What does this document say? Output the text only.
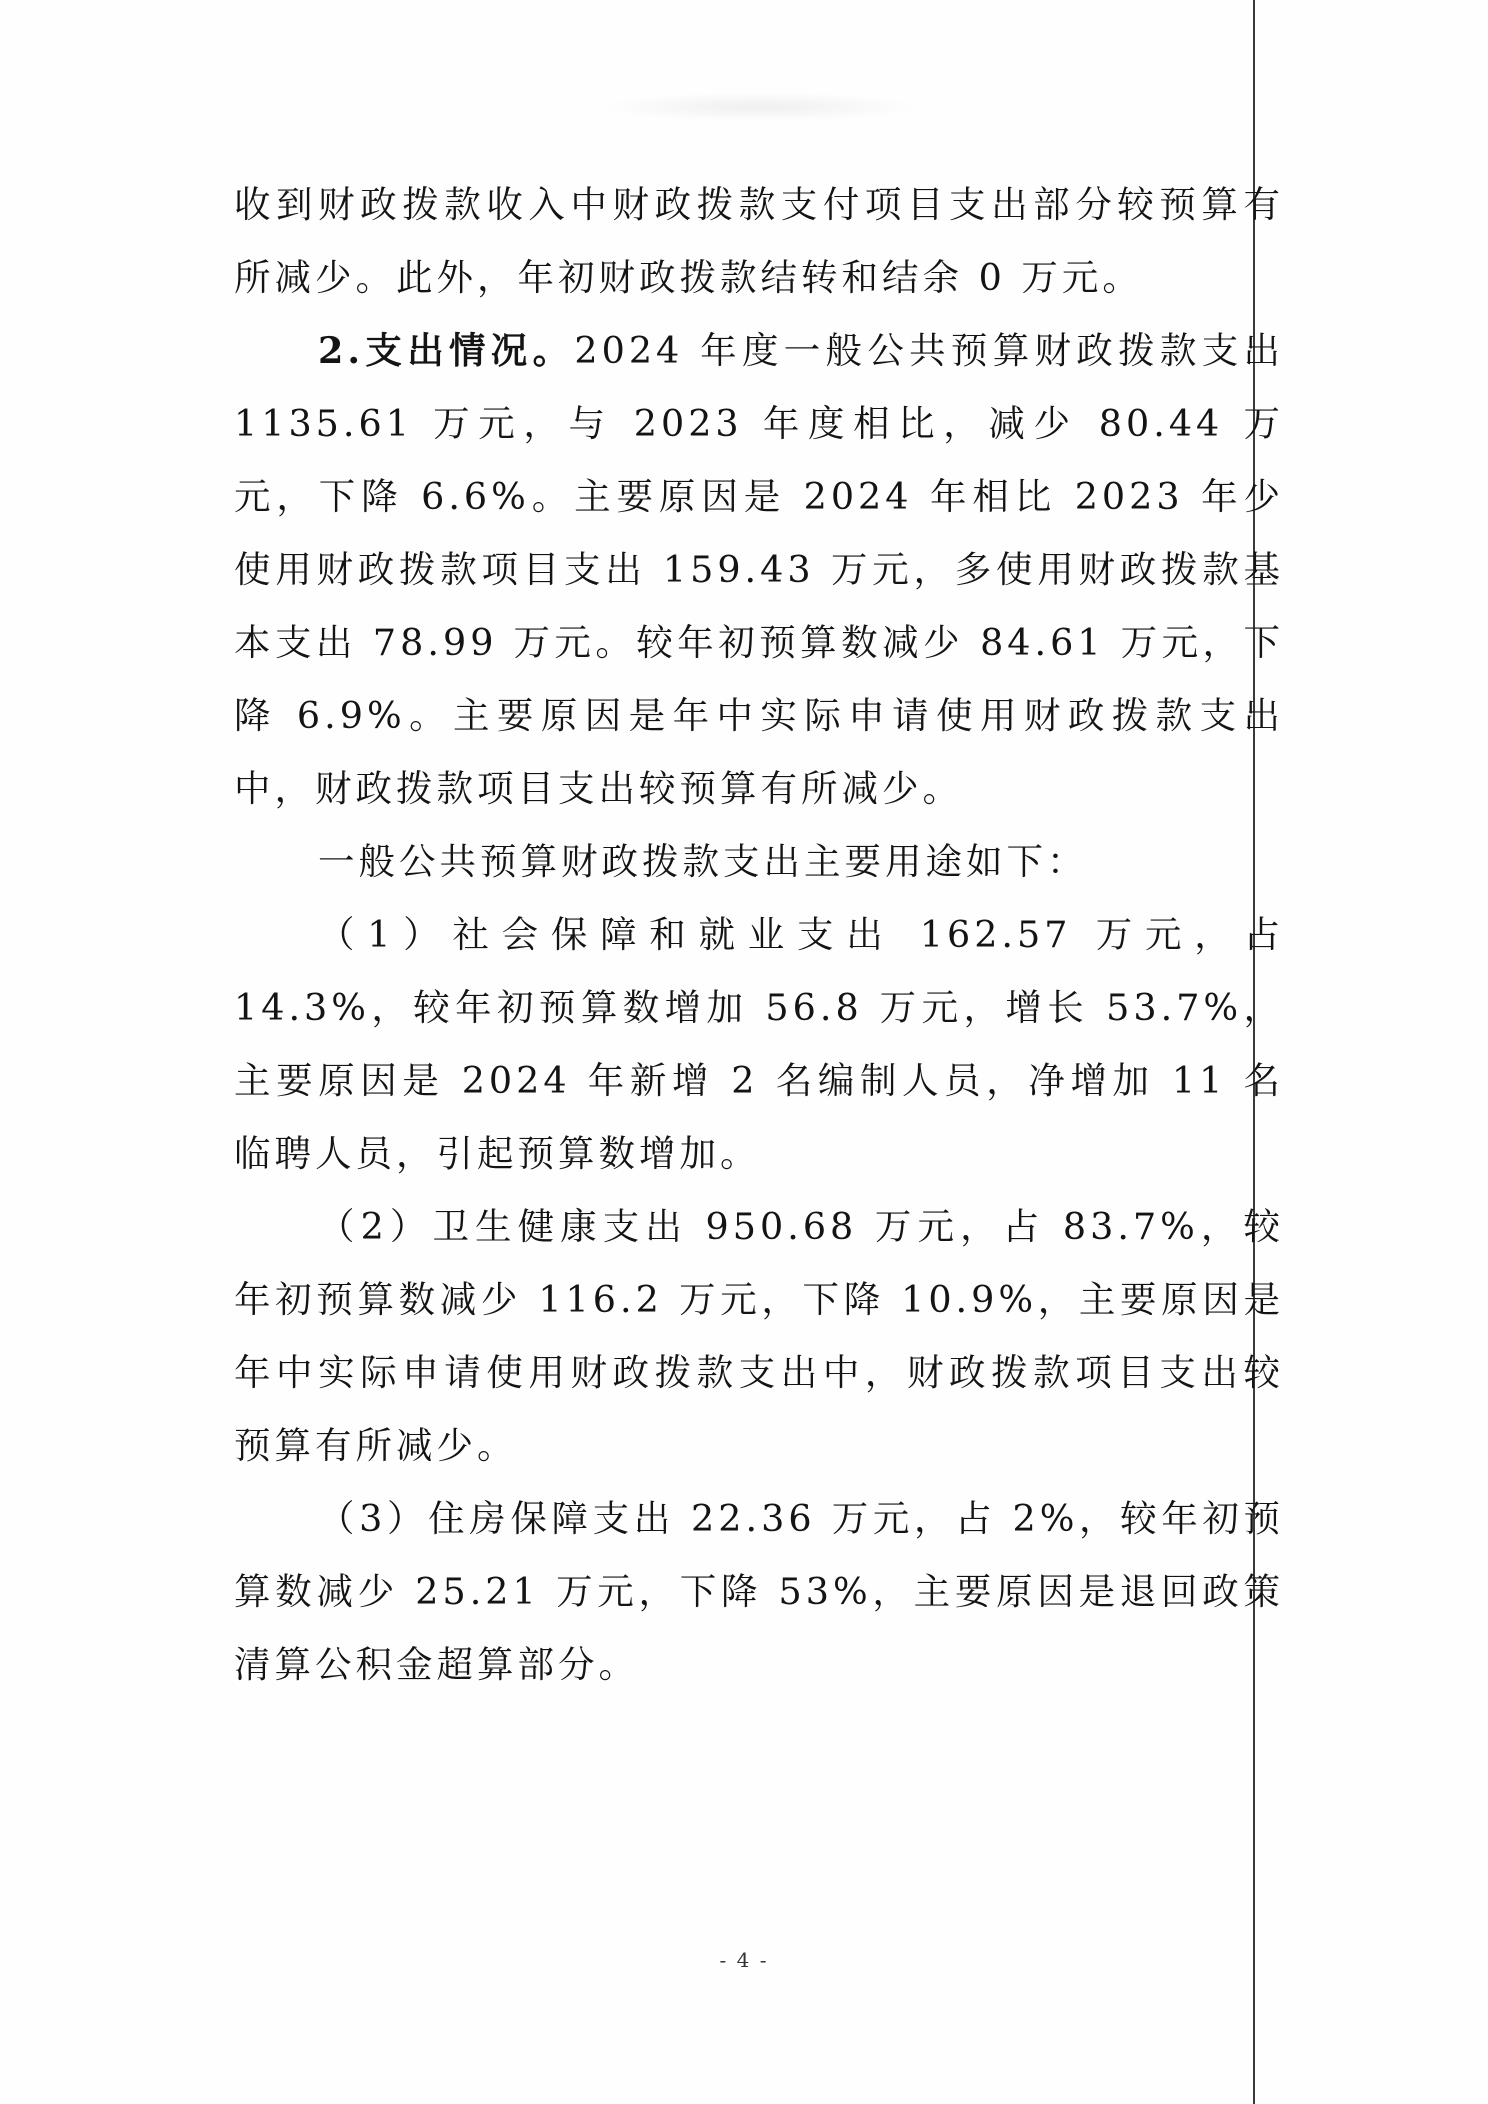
收到财政拨款收入中财政拨款支付项目支出部分较预算有所减少。此外，年初财政拨款结转和结余 0 万元。

2.支出情况。2024 年度一般公共预算财政拨款支出 1135.61 万元，与 2023 年度相比，减少 80.44 万元，下降 6.6%。主要原因是 2024 年相比 2023 年少使用财政拨款项目支出 159.43 万元，多使用财政拨款基本支出 78.99 万元。较年初预算数减少 84.61 万元，下降 6.9%。主要原因是年中实际申请使用财政拨款支出中，财政拨款项目支出较预算有所减少。

一般公共预算财政拨款支出主要用途如下：

（1）社会保障和就业支出 162.57 万元，占 14.3%，较年初预算数增加 56.8 万元，增长 53.7%，主要原因是 2024 年新增 2 名编制人员，净增加 11 名临聘人员，引起预算数增加。

（2）卫生健康支出 950.68 万元，占 83.7%，较年初预算数减少 116.2 万元，下降 10.9%，主要原因是年中实际申请使用财政拨款支出中，财政拨款项目支出较预算有所减少。

（3）住房保障支出 22.36 万元，占 2%，较年初预算数减少 25.21 万元，下降 53%，主要原因是退回政策清算公积金超算部分。

- 4 -
